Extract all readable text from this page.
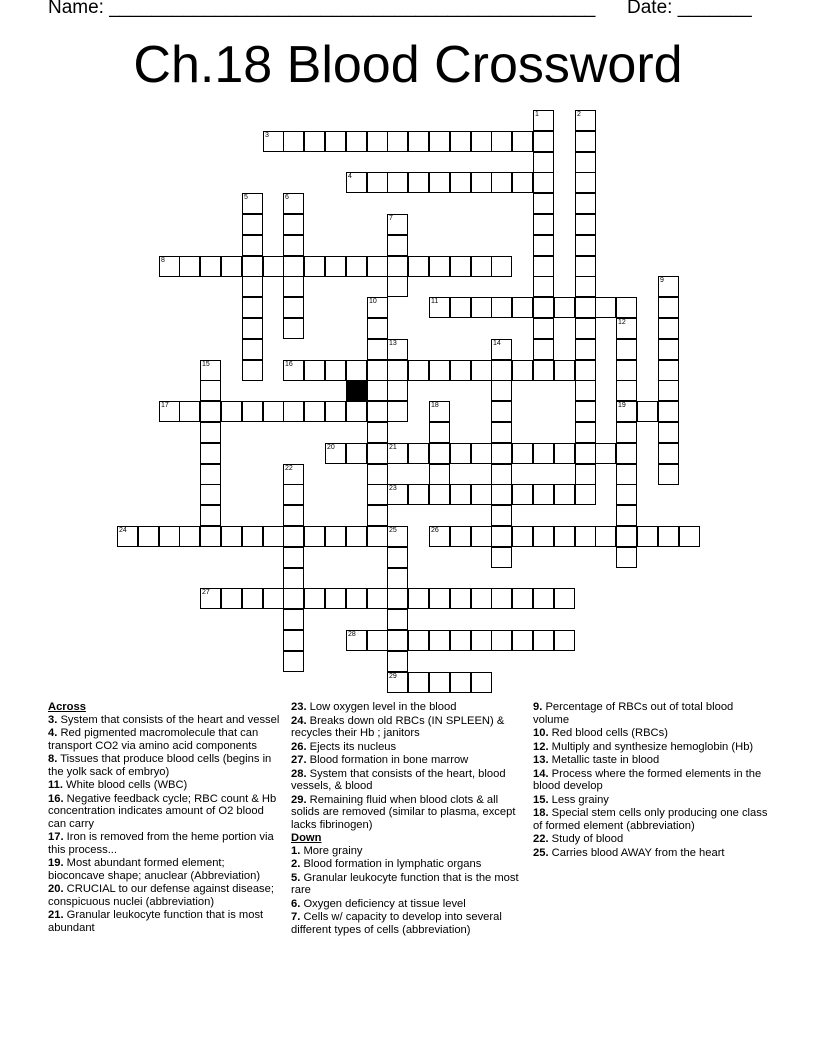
Name: ______________________________________________ Date: _______
Ch.18 Blood Crossword
1	2
3
4
5	6
7
8
9
10	11
12
19
13	14
15	16
17	18
20	21
22
23
24	25
29
26
27
28
Across
3. System that consists of the heart and vessel
4. Red pigmented macromolecule that can transport CO2 via amino acid components
8. Tissues that produce blood cells (begins in the yolk sack of embryo)
11. White blood cells (WBC)
16. Negative feedback cycle; RBC count & Hb concentration indicates amount of O2 blood can carry
17. Iron is removed from the heme portion via this process...
19. Most abundant formed element; bioconcave shape; anuclear (Abbreviation)
20. CRUCIAL to our defense against disease; conspicuous nuclei (abbreviation)
21. Granular leukocyte function that is most abundant
23. Low oxygen level in the blood
24. Breaks down old RBCs (IN SPLEEN) & recycles their Hb ; janitors
26. Ejects its nucleus
27. Blood formation in bone marrow
28. System that consists of the heart, blood vessels, & blood
29. Remaining fluid when blood clots & all solids are removed (similar to plasma, except lacks fibrinogen)
Down
1. More grainy
2. Blood formation in lymphatic organs
5. Granular leukocyte function that is the most rare
6. Oxygen deficiency at tissue level
7. Cells w/ capacity to develop into several different types of cells (abbreviation)
9. Percentage of RBCs out of total blood volume
10. Red blood cells (RBCs)
12. Multiply and synthesize hemoglobin (Hb)
13. Metallic taste in blood
14. Process where the formed elements in the blood develop
15. Less grainy
18. Special stem cells only producing one class of formed element (abbreviation)
22. Study of blood
25. Carries blood AWAY from the heart
